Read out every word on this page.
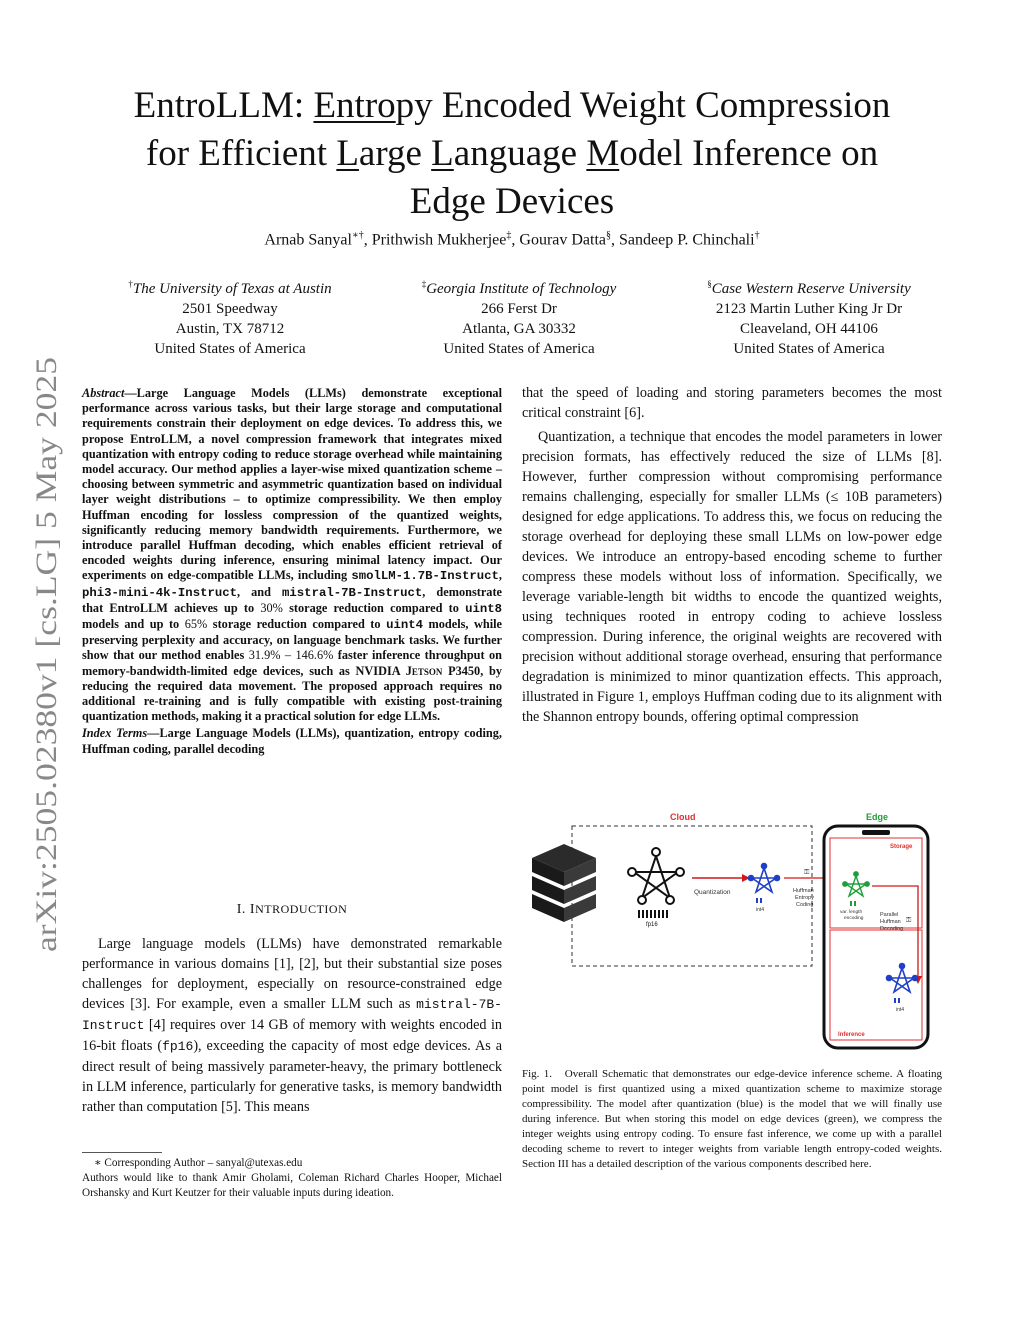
arXiv:2505.02380v1 [cs.LG] 5 May 2025
EntroLLM: Entropy Encoded Weight Compression
for Efficient Large Language Model Inference on
Edge Devices
Arnab Sanyal∗†, Prithwish Mukherjee‡, Gourav Datta§, Sandeep P. Chinchali†
†The University of Texas at Austin
2501 Speedway
Austin, TX 78712
United States of America
‡Georgia Institute of Technology
266 Ferst Dr
Atlanta, GA 30332
United States of America
§Case Western Reserve University
2123 Martin Luther King Jr Dr
Cleaveland, OH 44106
United States of America
Abstract—Large Language Models (LLMs) demonstrate exceptional performance across various tasks, but their large storage and computational requirements constrain their deployment on edge devices. To address this, we propose EntroLLM, a novel compression framework that integrates mixed quantization with entropy coding to reduce storage overhead while maintaining model accuracy. Our method applies a layer-wise mixed quantization scheme – choosing between symmetric and asymmetric quantization based on individual layer weight distributions – to optimize compressibility. We then employ Huffman encoding for lossless compression of the quantized weights, significantly reducing memory bandwidth requirements. Furthermore, we introduce parallel Huffman decoding, which enables efficient retrieval of encoded weights during inference, ensuring minimal latency impact. Our experiments on edge-compatible LLMs, including smolLM-1.7B-Instruct, phi3-mini-4k-Instruct, and mistral-7B-Instruct, demonstrate that EntroLLM achieves up to 30% storage reduction compared to uint8 models and up to 65% storage reduction compared to uint4 models, while preserving perplexity and accuracy, on language benchmark tasks. We further show that our method enables 31.9% – 146.6% faster inference throughput on memory-bandwidth-limited edge devices, such as NVIDIA Jetson P3450, by reducing the required data movement. The proposed approach requires no additional re-training and is fully compatible with existing post-training quantization methods, making it a practical solution for edge LLMs.
Index Terms—Large Language Models (LLMs), quantization, entropy coding, Huffman coding, parallel decoding
I. INTRODUCTION

Large language models (LLMs) have demonstrated remarkable performance in various domains [1], [2], but their substantial size poses challenges for deployment, especially on resource-constrained edge devices [3]. For example, even a smaller LLM such as mistral-7B-Instruct [4] requires over 14 GB of memory with weights encoded in 16-bit floats (fp16), exceeding the capacity of most edge devices. As a direct result of being massively parameter-heavy, the primary bottleneck in LLM inference, particularly for generative tasks, is memory bandwidth rather than computation [5]. This means

∗ Corresponding Author – sanyal@utexas.edu

Authors would like to thank Amir Gholami, Coleman Richard Charles Hooper, Michael Orshansky and Kurt Keutzer for their valuable inputs during ideation.

that the speed of loading and storing parameters becomes the most critical constraint [6].

Quantization, a technique that encodes the model parameters in lower precision formats, has effectively reduced the size of LLMs [8]. However, further compression without compromising performance remains challenging, especially for smaller LLMs (≤ 10B parameters) designed for edge applications. To address this, we focus on reducing the storage overhead for deploying these small LLMs on low-power edge devices. We introduce an entropy-based encoding scheme to further compress these models without loss of information. Specifically, we leverage variable-length bit widths to encode the quantized weights, using techniques rooted in entropy coding to achieve lossless compression. During inference, the original weights are recovered with precision without additional storage overhead, ensuring that performance degradation is minimized to minor quantization effects. This approach, illustrated in Figure 1, employs Huffman coding due to its alignment with the Shannon entropy bounds, offering optimal compression

Cloud
fp16
Quantization
int4
Huffman
Entropy
Coding
⚿
Edge
Storage
Inference
var. length
encoding
Parallel
Huffman
Decoding
⚿
int4
Fig. 1. Overall Schematic that demonstrates our edge-device inference scheme. A floating point model is first quantized using a mixed quantization scheme to maximize storage compressibility. The model after quantization (blue) is the model that we will finally use during inference. But when storing this model on edge devices (green), we compress the integer weights using entropy coding. To ensure fast inference, we come up with a parallel decoding scheme to revert to integer weights from variable length entropy-coded weights. Section III has a detailed description of the various components described here.
